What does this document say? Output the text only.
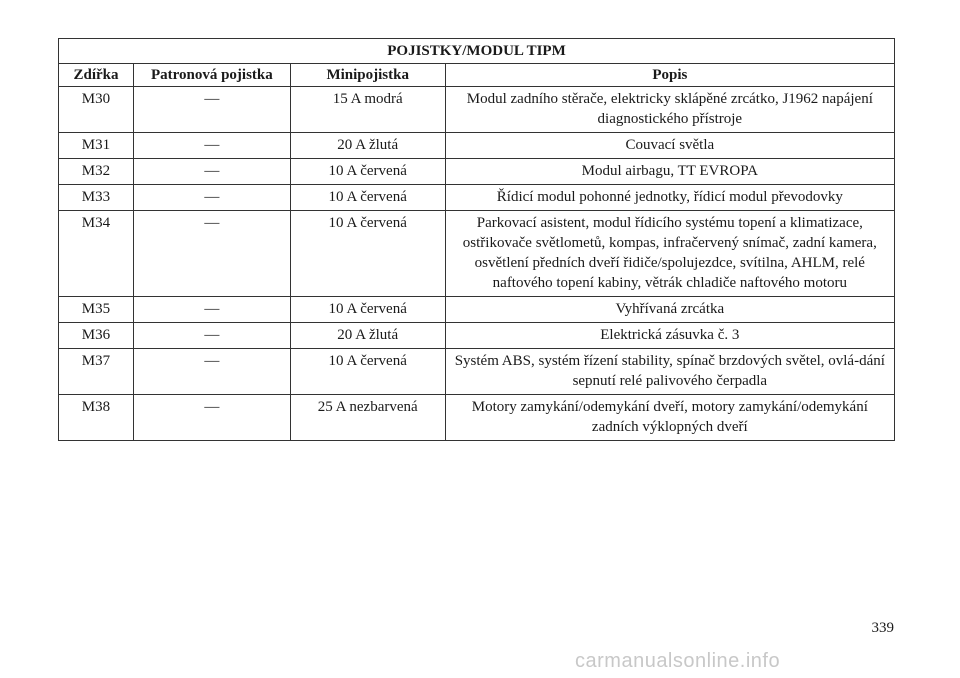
POJISTKY/MODUL TIPM			
Zdířka	Patronová pojistka	Minipojistka	Popis
M30	—	15 A modrá	Modul zadního stěrače, elektricky sklápěné zrcátko, J1962 napájení diagnostického přístroje
M31	—	20 A žlutá	Couvací světla
M32	—	10 A červená	Modul airbagu, TT EVROPA
M33	—	10 A červená	Řídicí modul pohonné jednotky, řídicí modul převodovky
M34	—	10 A červená	Parkovací asistent, modul řídicího systému topení a klimatizace, ostřikovače světlometů, kompas, infračervený snímač, zadní kamera, osvětlení předních dveří řidiče/spolujezdce, svítilna, AHLM, relé naftového topení kabiny, větrák chladiče naftového motoru
M35	—	10 A červená	Vyhřívaná zrcátka
M36	—	20 A žlutá	Elektrická zásuvka č. 3
M37	—	10 A červená	Systém ABS, systém řízení stability, spínač brzdových světel, ovlá-dání sepnutí relé palivového čerpadla
M38	—	25 A nezbarvená	Motory zamykání/odemykání dveří, motory zamykání/odemykání zadních výklopných dveří
339
carmanualsonline.info
